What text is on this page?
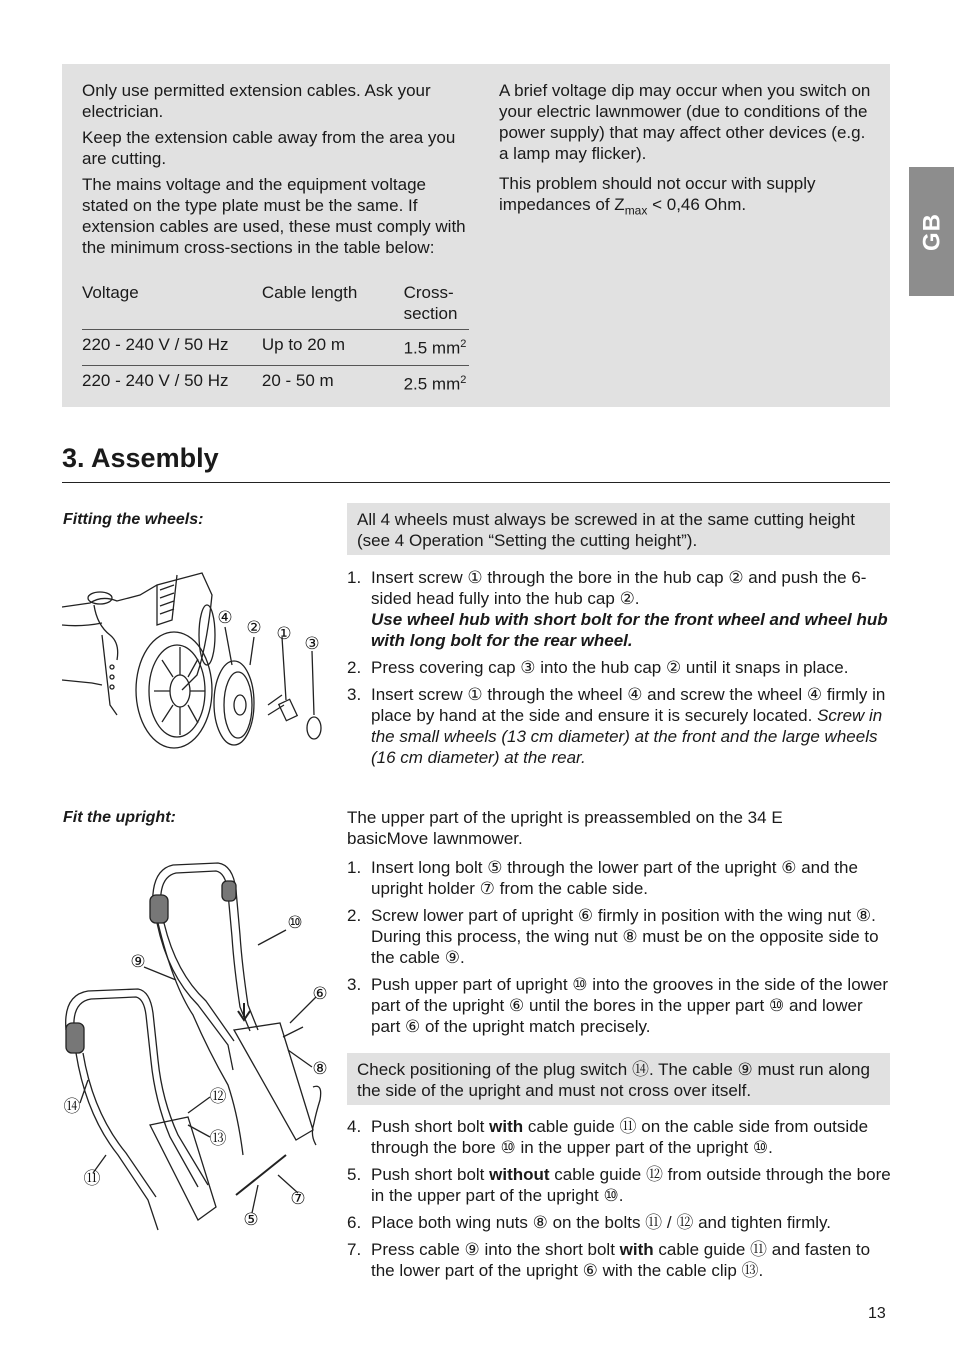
Only use permitted extension cables. Ask your electrician.

Keep the extension cable away from the area you are cutting.

The mains voltage and the equipment voltage stated on the type plate must be the same. If extension cables are used, these must comply with the minimum cross-sections in the table below:

Voltage	Cable length	Cross-section
220 - 240 V / 50 Hz	Up to 20 m	1.5 $mm^2$
220 - 240 V / 50 Hz	20 - 50 m	2.5 $mm^2$

A brief voltage dip may occur when you switch on your electric lawnmower (due to conditions of the power supply) that may affect other devices (e.g. a lamp may flicker).

This problem should not occur with supply impedances of $Z_{max} < 0,46$ Ohm.

GB
3. Assembly
Fitting the wheels:	All 4 wheels must always be screwed in at the same cutting height (see 4 Operation “Setting the cutting height”).
1. Insert screw ① through the bore in the hub cap ② and push the 6-sided head fully into the hub cap ②.
Use wheel hub with short bolt for the front wheel and wheel hub with long bolt for the rear wheel.
2. Press covering cap ③ into the hub cap ② until it snaps in place.
3. Insert screw ① through the wheel ④ and screw the wheel ④ firmly in place by hand at the side and ensure it is securely located. Screw in the small wheels (13 cm diameter) at the front and the large wheels (16 cm diameter) at the rear.
④ ② ① ③
Fit the upright:	The upper part of the upright is preassembled on the 34 E basicMove lawnmower.

1. Insert long bolt ⑤ through the lower part of the upright ⑥ and the upright holder ⑦ from the cable side.
2. Screw lower part of upright ⑥ firmly in position with the wing nut ⑧. During this process, the wing nut ⑧ must be on the opposite side to the cable ⑨.
3. Push upper part of upright ⑩ into the grooves in the side of the lower part of the upright ⑥ until the bores in the upper part ⑩ and lower part ⑥ of the upright match precisely.
Check positioning of the plug switch ⑭. The cable ⑨ must run along the side of the upright and must not cross over itself.
4. Push short bolt with cable guide ⑪ on the cable side from outside through the bore ⑩ in the upper part of the upright ⑩.
5. Push short bolt without cable guide ⑫ from outside through the bore in the upper part of the upright ⑩.
6. Place both wing nuts ⑧ on the bolts ⑪ / ⑫ and tighten firmly.
7. Press cable ⑨ into the short bolt with cable guide ⑪ and fasten to the lower part of the upright ⑥ with the cable clip ⑬.
⑩
⑨
⑥
⑧
⑭	⑫
⑬
⑪
⑦
⑤
13
